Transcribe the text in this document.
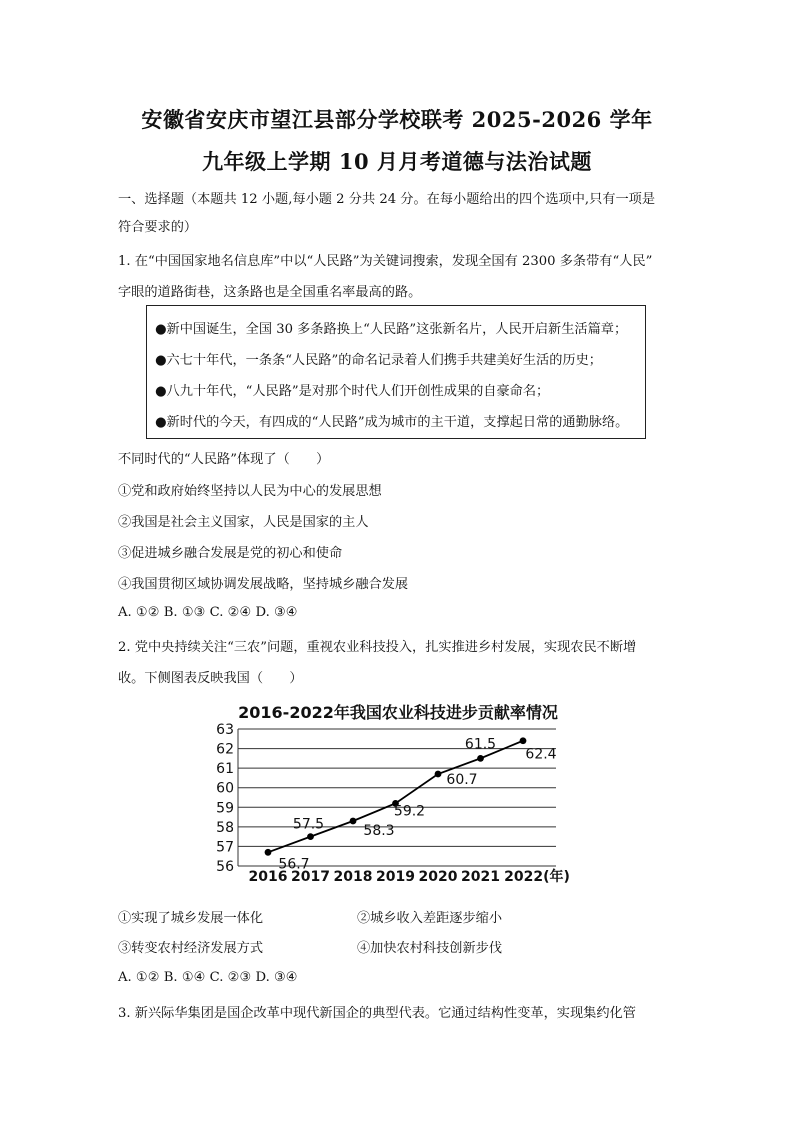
安徽省安庆市望江县部分学校联考 2025-2026 学年
九年级上学期 10 月月考道德与法治试题
一、选择题（本题共 12 小题,每小题 2 分共 24 分。在每小题给出的四个选项中,只有一项是
符合要求的）
1. 在“中国国家地名信息库”中以“人民路”为关键词搜索，发现全国有 2300 多条带有“人民”
字眼的道路街巷，这条路也是全国重名率最高的路。
●新中国诞生，全国 30 多条路换上“人民路”这张新名片，人民开启新生活篇章；
●六七十年代，一条条“人民路”的命名记录着人们携手共建美好生活的历史；
●八九十年代，“人民路”是对那个时代人们开创性成果的自豪命名；
●新时代的今天，有四成的“人民路”成为城市的主干道，支撑起日常的通勤脉络。
不同时代的“人民路”体现了（　　）
①党和政府始终坚持以人民为中心的发展思想
②我国是社会主义国家，人民是国家的主人
③促进城乡融合发展是党的初心和使命
④我国贯彻区域协调发展战略，坚持城乡融合发展
A. ①② B. ①③ C. ②④ D. ③④
2. 党中央持续关注“三农”问题，重视农业科技投入，扎实推进乡村发展，实现农民不断增
收。下侧图表反映我国（　　）
2016-2022年我国农业科技进步贡献率情况
56
57
58
59
60
61
62
63
2016 2017 2018 2019 2020 2021 2022(年)
56.7
57.5	58.3
59.2
60.7
61.5
62.4
①实现了城乡发展一体化	②城乡收入差距逐步缩小
③转变农村经济发展方式	④加快农村科技创新步伐
A. ①② B. ①④ C. ②③ D. ③④
3. 新兴际华集团是国企改革中现代新国企的典型代表。它通过结构性变革，实现集约化管
